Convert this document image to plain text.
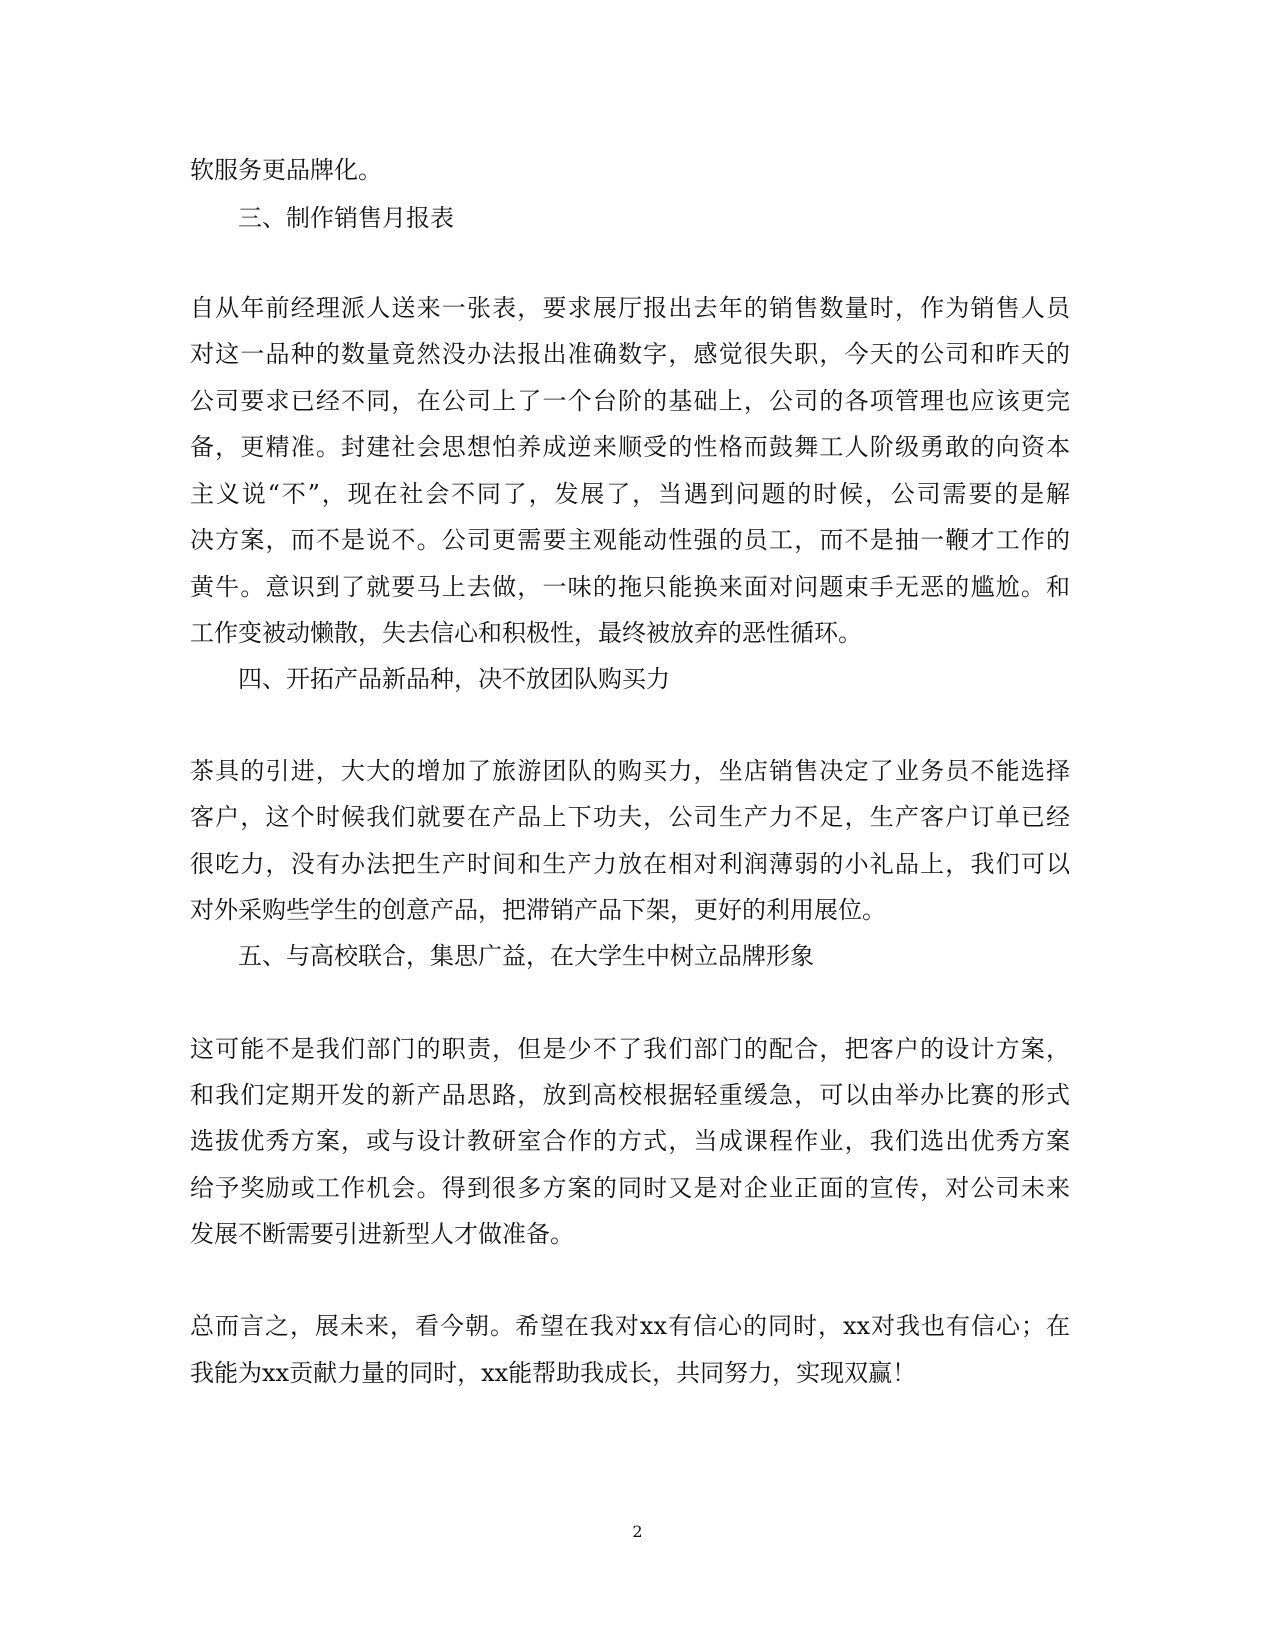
软服务更品牌化。
三、制作销售月报表
自从年前经理派人送来一张表，要求展厅报出去年的销售数量时，作为销售人员
对这一品种的数量竟然没办法报出准确数字，感觉很失职，今天的公司和昨天的
公司要求已经不同，在公司上了一个台阶的基础上，公司的各项管理也应该更完
备，更精准。封建社会思想怕养成逆来顺受的性格而鼓舞工人阶级勇敢的向资本
主义说“不”，现在社会不同了，发展了，当遇到问题的时候，公司需要的是解
决方案，而不是说不。公司更需要主观能动性强的员工，而不是抽一鞭才工作的
黄牛。意识到了就要马上去做，一味的拖只能换来面对问题束手无恶的尴尬。和
工作变被动懒散，失去信心和积极性，最终被放弃的恶性循环。
四、开拓产品新品种，决不放团队购买力
茶具的引进，大大的增加了旅游团队的购买力，坐店销售决定了业务员不能选择
客户，这个时候我们就要在产品上下功夫，公司生产力不足，生产客户订单已经
很吃力，没有办法把生产时间和生产力放在相对利润薄弱的小礼品上，我们可以
对外采购些学生的创意产品，把滞销产品下架，更好的利用展位。
五、与高校联合，集思广益，在大学生中树立品牌形象
这可能不是我们部门的职责，但是少不了我们部门的配合，把客户的设计方案，
和我们定期开发的新产品思路，放到高校根据轻重缓急，可以由举办比赛的形式
选拔优秀方案，或与设计教研室合作的方式，当成课程作业，我们选出优秀方案
给予奖励或工作机会。得到很多方案的同时又是对企业正面的宣传，对公司未来
发展不断需要引进新型人才做准备。
总而言之，展未来，看今朝。希望在我对xx有信心的同时，xx对我也有信心；在
我能为xx贡献力量的同时，xx能帮助我成长，共同努力，实现双赢！
2
